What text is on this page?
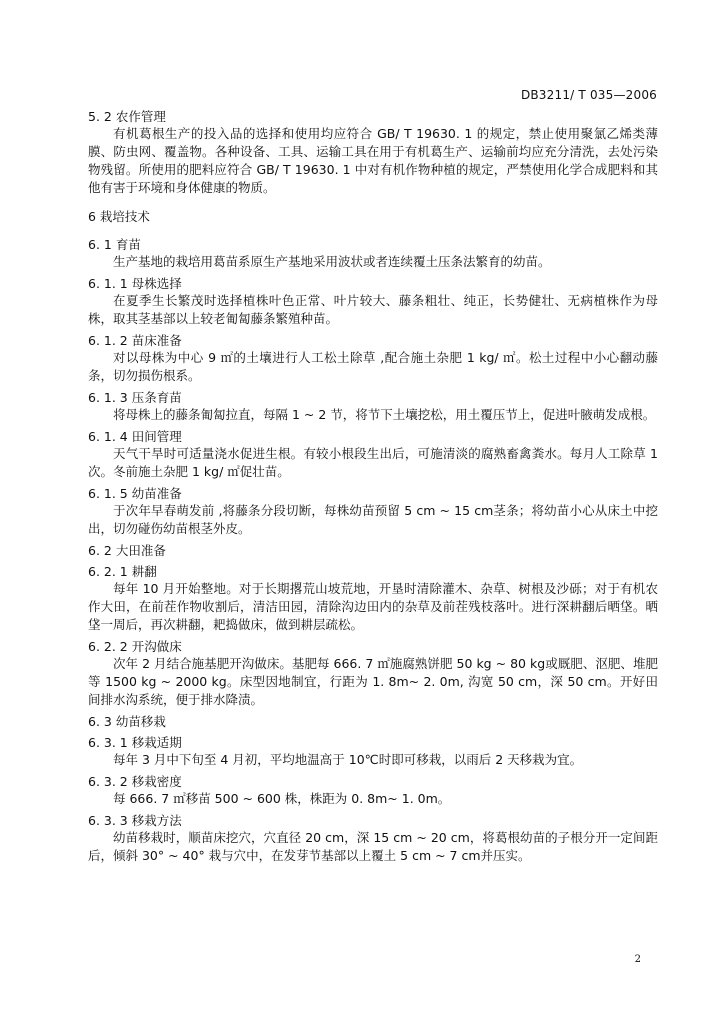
DB3211/ T 035—2006
5. 2 农作管理
有机葛根生产的投入品的选择和使用均应符合 GB/ T 19630. 1 的规定，禁止使用聚氯乙烯类薄膜、防虫网、覆盖物。各种设备、工具、运输工具在用于有机葛生产、运输前均应充分清洗，去处污染物残留。所使用的肥料应符合 GB/ T 19630. 1 中对有机作物种植的规定，严禁使用化学合成肥料和其他有害于环境和身体健康的物质。
6 栽培技术
6. 1 育苗
生产基地的栽培用葛苗系原生产基地采用波状或者连续覆土压条法繁育的幼苗。
6. 1. 1 母株选择
在夏季生长繁茂时选择植株叶色正常、叶片较大、藤条粗壮、纯正，长势健壮、无病植株作为母株，取其茎基部以上较老匍匐藤条繁殖种苗。
6. 1. 2 苗床准备
对以母株为中心 9 ㎡的土壤进行人工松土除草 ,配合施土杂肥 1 kg/ ㎡。松土过程中小心翻动藤条，切勿损伤根系。
6. 1. 3 压条育苗
将母株上的藤条匍匐拉直，每隔 1 ~ 2 节，将节下土壤挖松，用土覆压节上，促进叶腋萌发成根。
6. 1. 4 田间管理
天气干旱时可适量浇水促进生根。有较小根段生出后，可施清淡的腐熟畜禽粪水。每月人工除草 1 次。冬前施土杂肥 1 kg/ ㎡促壮苗。
6. 1. 5 幼苗准备
于次年早春萌发前 ,将藤条分段切断，每株幼苗预留 5 cm ~ 15 cm茎条；将幼苗小心从床土中挖出，切勿碰伤幼苗根茎外皮。
6. 2 大田准备
6. 2. 1 耕翻
每年 10 月开始整地。对于长期撂荒山坡荒地，开垦时清除灌木、杂草、树根及沙砾；对于有机农作大田，在前茬作物收割后，清洁田园，清除沟边田内的杂草及前茬残枝落叶。进行深耕翻后晒垡。晒垡一周后，再次耕翻，耙捣做床，做到耕层疏松。
6. 2. 2 开沟做床
次年 2 月结合施基肥开沟做床。基肥每 666. 7 ㎡施腐熟饼肥 50 kg ~ 80 kg或厩肥、沤肥、堆肥等 1500 kg ~ 2000 kg。床型因地制宜，行距为 1. 8m~ 2. 0m, 沟宽 50 cm，深 50 cm。开好田间排水沟系统，便于排水降渍。
6. 3 幼苗移栽
6. 3. 1 移栽适期
每年 3 月中下旬至 4 月初，平均地温高于 10℃时即可移栽，以雨后 2 天移栽为宜。
6. 3. 2 移栽密度
每 666. 7 ㎡移苗 500 ~ 600 株，株距为 0. 8m~ 1. 0m。
6. 3. 3 移栽方法
幼苗移栽时，顺苗床挖穴，穴直径 20 cm，深 15 cm ~ 20 cm，将葛根幼苗的子根分开一定间距后，倾斜 30° ~ 40° 栽与穴中，在发芽节基部以上覆土 5 cm ~ 7 cm并压实。
2
